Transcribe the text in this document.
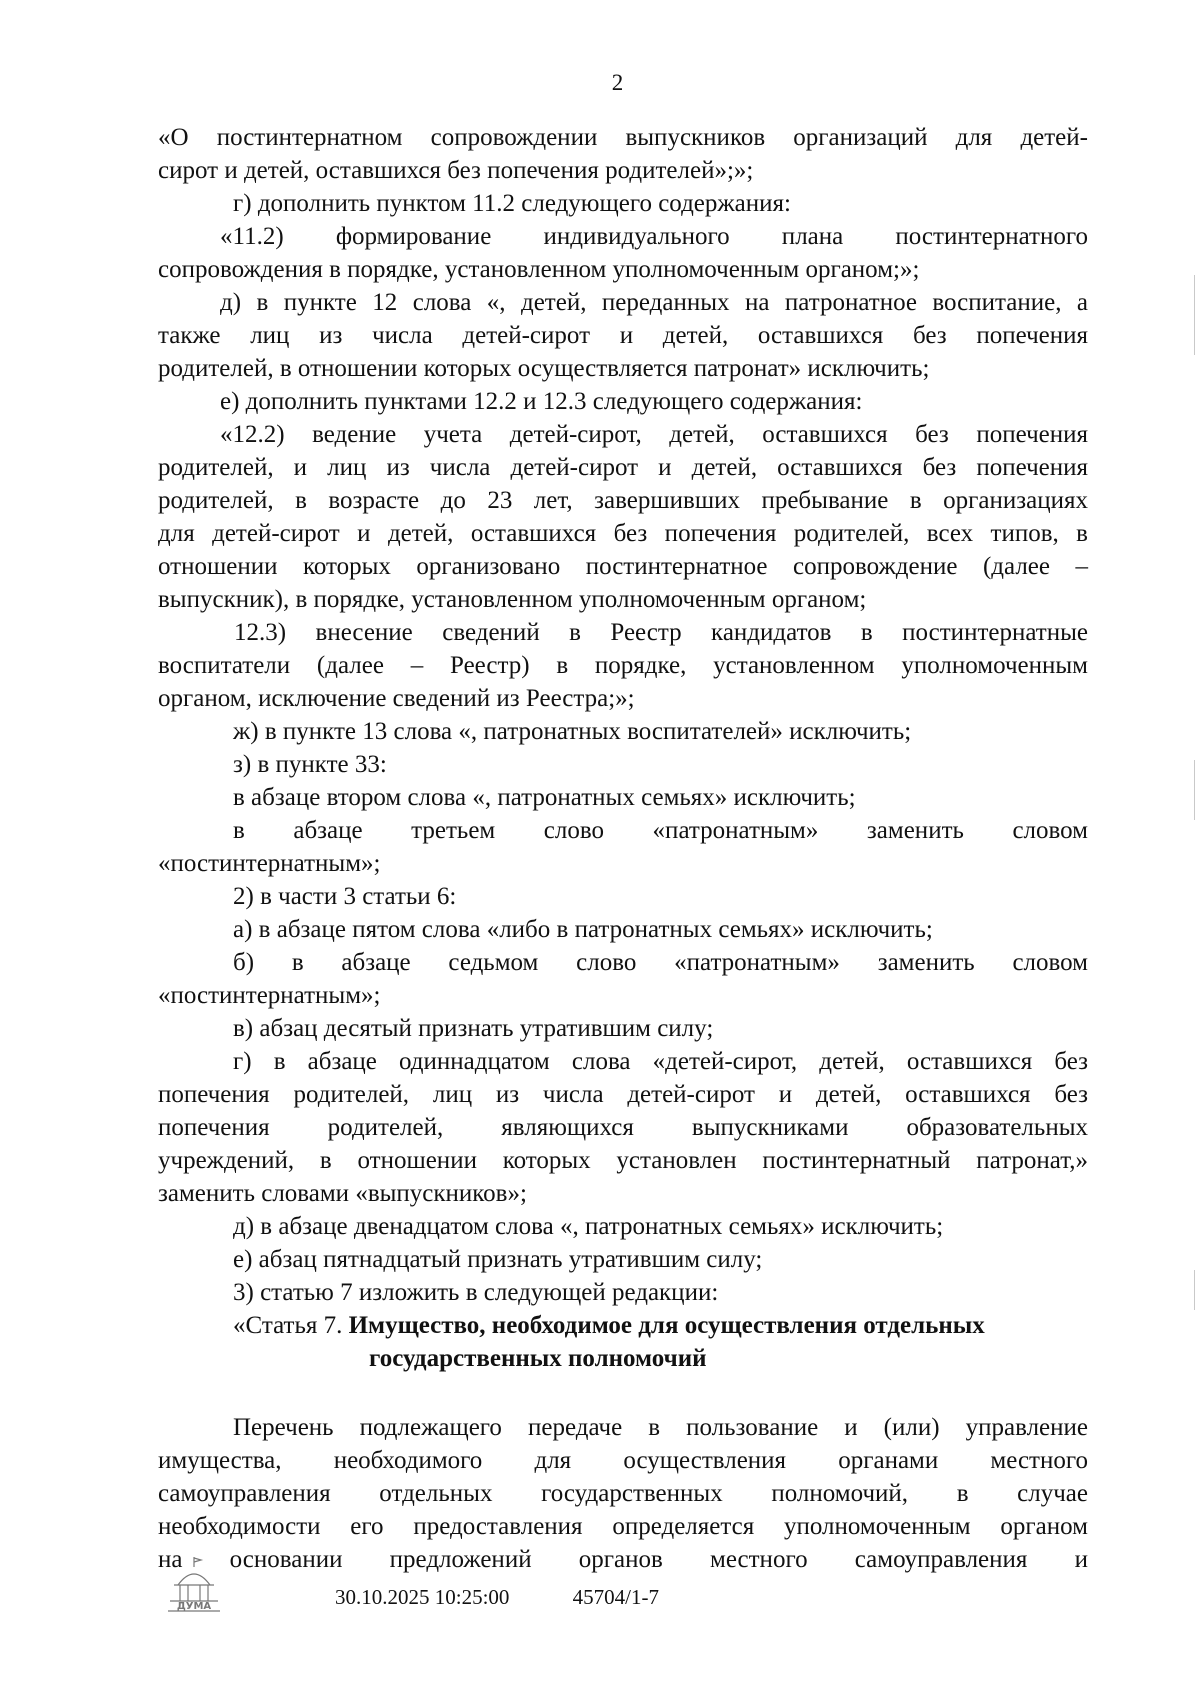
2
«О постинтернатном сопровождении выпускников организаций для детей-
сирот и детей, оставшихся без попечения родителей»;»;
г) дополнить пунктом 11.2 следующего содержания:
«11.2) формирование индивидуального плана постинтернатного
сопровождения в порядке, установленном уполномоченным органом;»;
д) в пункте 12 слова «, детей, переданных на патронатное воспитание, а
также лиц из числа детей-сирот и детей, оставшихся без попечения
родителей, в отношении которых осуществляется патронат» исключить;
е) дополнить пунктами 12.2 и 12.3 следующего содержания:
«12.2) ведение учета детей-сирот, детей, оставшихся без попечения
родителей, и лиц из числа детей-сирот и детей, оставшихся без попечения
родителей, в возрасте до 23 лет, завершивших пребывание в организациях
для детей-сирот и детей, оставшихся без попечения родителей, всех типов, в
отношении которых организовано постинтернатное сопровождение (далее –
выпускник), в порядке, установленном уполномоченным органом;
12.3) внесение сведений в Реестр кандидатов в постинтернатные
воспитатели (далее – Реестр) в порядке, установленном уполномоченным
органом, исключение сведений из Реестра;»;
ж) в пункте 13 слова «, патронатных воспитателей» исключить;
з) в пункте 33:
в абзаце втором слова «, патронатных семьях» исключить;
в абзаце третьем слово «патронатным» заменить словом
«постинтернатным»;
2) в части 3 статьи 6:
а) в абзаце пятом слова «либо в патронатных семьях» исключить;
б) в абзаце седьмом слово «патронатным» заменить словом
«постинтернатным»;
в) абзац десятый признать утратившим силу;
г) в абзаце одиннадцатом слова «детей-сирот, детей, оставшихся без
попечения родителей, лиц из числа детей-сирот и детей, оставшихся без
попечения родителей, являющихся выпускниками образовательных
учреждений, в отношении которых установлен постинтернатный патронат,»
заменить словами «выпускников»;
д) в абзаце двенадцатом слова «, патронатных семьях» исключить;
е) абзац пятнадцатый признать утратившим силу;
3) статью 7 изложить в следующей редакции:
«Статья 7. Имущество, необходимое для осуществления отдельных
государственных полномочий
Перечень подлежащего передаче в пользование и (или) управление
имущества, необходимого для осуществления органами местного
самоуправления отдельных государственных полномочий, в случае
необходимости его предоставления определяется уполномоченным органом
на основании предложений органов местного самоуправления и
ДУМА	30.10.2025 10:25:00	45704/1-7
